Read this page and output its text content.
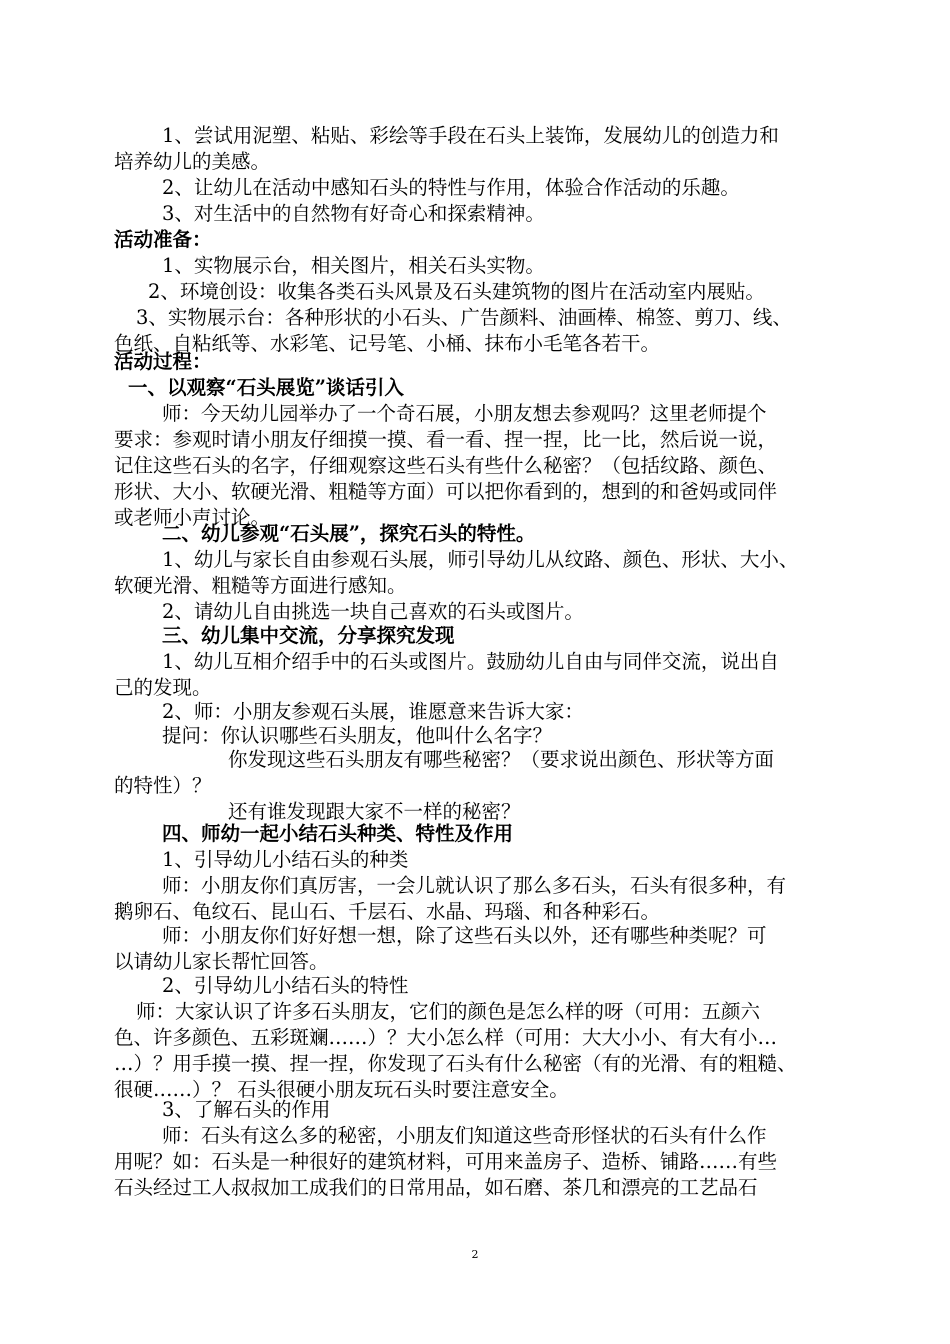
1、尝试用泥塑、粘贴、彩绘等手段在石头上装饰，发展幼儿的创造力和
培养幼儿的美感。
2、让幼儿在活动中感知石头的特性与作用，体验合作活动的乐趣。
3、对生活中的自然物有好奇心和探索精神。
活动准备：
1、实物展示台，相关图片，相关石头实物。
2、环境创设：收集各类石头风景及石头建筑物的图片在活动室内展贴。
3、实物展示台：各种形状的小石头、广告颜料、油画棒、棉签、剪刀、线、
色纸、自粘纸等、水彩笔、记号笔、小桶、抹布小毛笔各若干。
活动过程：
一、以观察“石头展览”谈话引入
师：今天幼儿园举办了一个奇石展，小朋友想去参观吗？这里老师提个
要求：参观时请小朋友仔细摸一摸、看一看、捏一捏，比一比，然后说一说，
记住这些石头的名字，仔细观察这些石头有些什么秘密？（包括纹路、颜色、
形状、大小、软硬光滑、粗糙等方面）可以把你看到的，想到的和爸妈或同伴
或老师小声讨论。
二、幼儿参观“石头展”，探究石头的特性。
1、幼儿与家长自由参观石头展，师引导幼儿从纹路、颜色、形状、大小、
软硬光滑、粗糙等方面进行感知。
2、请幼儿自由挑选一块自己喜欢的石头或图片。
三、幼儿集中交流，分享探究发现
1、幼儿互相介绍手中的石头或图片。鼓励幼儿自由与同伴交流，说出自
己的发现。
2、师：小朋友参观石头展，谁愿意来告诉大家：
提问：你认识哪些石头朋友，他叫什么名字？
你发现这些石头朋友有哪些秘密？（要求说出颜色、形状等方面
的特性）？
还有谁发现跟大家不一样的秘密？
四、师幼一起小结石头种类、特性及作用
1、引导幼儿小结石头的种类
师：小朋友你们真厉害，一会儿就认识了那么多石头，石头有很多种，有
鹅卵石、龟纹石、昆山石、千层石、水晶、玛瑙、和各种彩石。
师：小朋友你们好好想一想，除了这些石头以外，还有哪些种类呢？可
以请幼儿家长帮忙回答。
2、引导幼儿小结石头的特性
师：大家认识了许多石头朋友，它们的颜色是怎么样的呀（可用：五颜六
色、许多颜色、五彩斑斓……）？大小怎么样（可用：大大小小、有大有小…
…）？用手摸一摸、捏一捏，你发现了石头有什么秘密（有的光滑、有的粗糙、
很硬……）？ 石头很硬小朋友玩石头时要注意安全。
3、了解石头的作用
师：石头有这么多的秘密，小朋友们知道这些奇形怪状的石头有什么作
用呢？如：石头是一种很好的建筑材料，可用来盖房子、造桥、铺路……有些
石头经过工人叔叔加工成我们的日常用品，如石磨、茶几和漂亮的工艺品石
2
